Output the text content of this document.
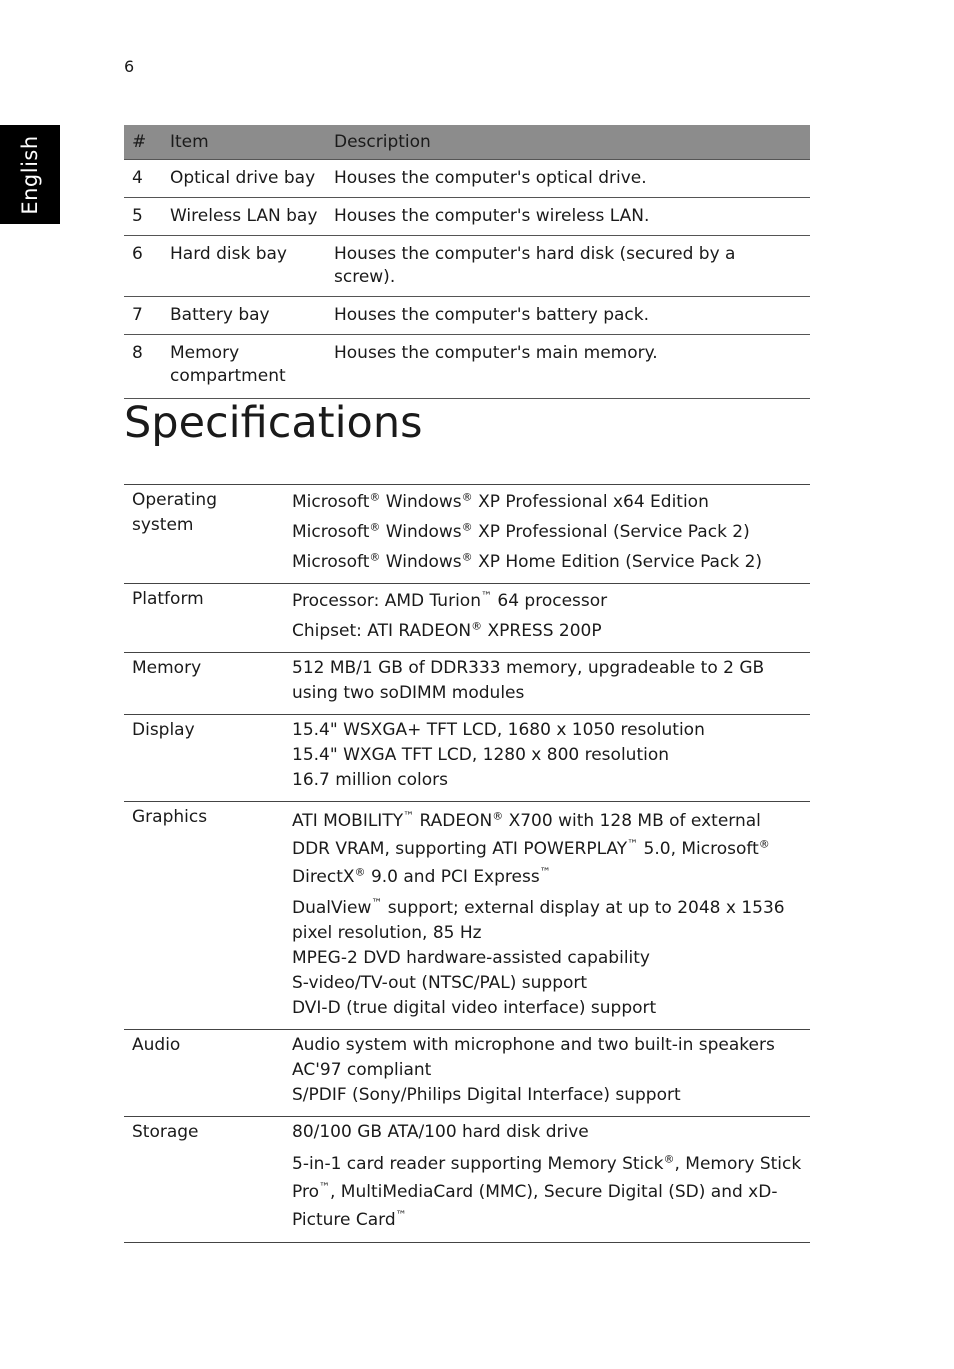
6
English	#	Item	Description
4	Optical drive bay	Houses the computer's optical drive.
5	Wireless LAN bay	Houses the computer's wireless LAN.
6	Hard disk bay	Houses the computer's hard disk (secured by a screw).
7	Battery bay	Houses the computer's battery pack.
8	Memory compartment	Houses the computer's main memory.
Specifications
Operating system	Microsoft® Windows® XP Professional x64 Edition
Microsoft® Windows® XP Professional (Service Pack 2)
Microsoft® Windows® XP Home Edition (Service Pack 2)

Platform	Processor: AMD Turion™ 64 processor
Chipset: ATI RADEON® XPRESS 200P

Memory	512 MB/1 GB of DDR333 memory, upgradeable to 2 GB using two soDIMM modules
Display	15.4" WSXGA+ TFT LCD, 1680 x 1050 resolution
15.4" WXGA TFT LCD, 1280 x 800 resolution
16.7 million colors

Graphics	ATI MOBILITY™ RADEON® X700 with 128 MB of external DDR VRAM, supporting ATI POWERPLAY™ 5.0, Microsoft® DirectX® 9.0 and PCI Express™
DualView™ support; external display at up to 2048 x 1536 pixel resolution, 85 Hz
MPEG-2 DVD hardware-assisted capability
S-video/TV-out (NTSC/PAL) support
DVI-D (true digital video interface) support

Audio	Audio system with microphone and two built-in speakers
AC'97 compliant
S/PDIF (Sony/Philips Digital Interface) support

Storage	80/100 GB ATA/100 hard disk drive
5-in-1 card reader supporting Memory Stick®, Memory Stick Pro™, MultiMediaCard (MMC), Secure Digital (SD) and xD-Picture Card™
